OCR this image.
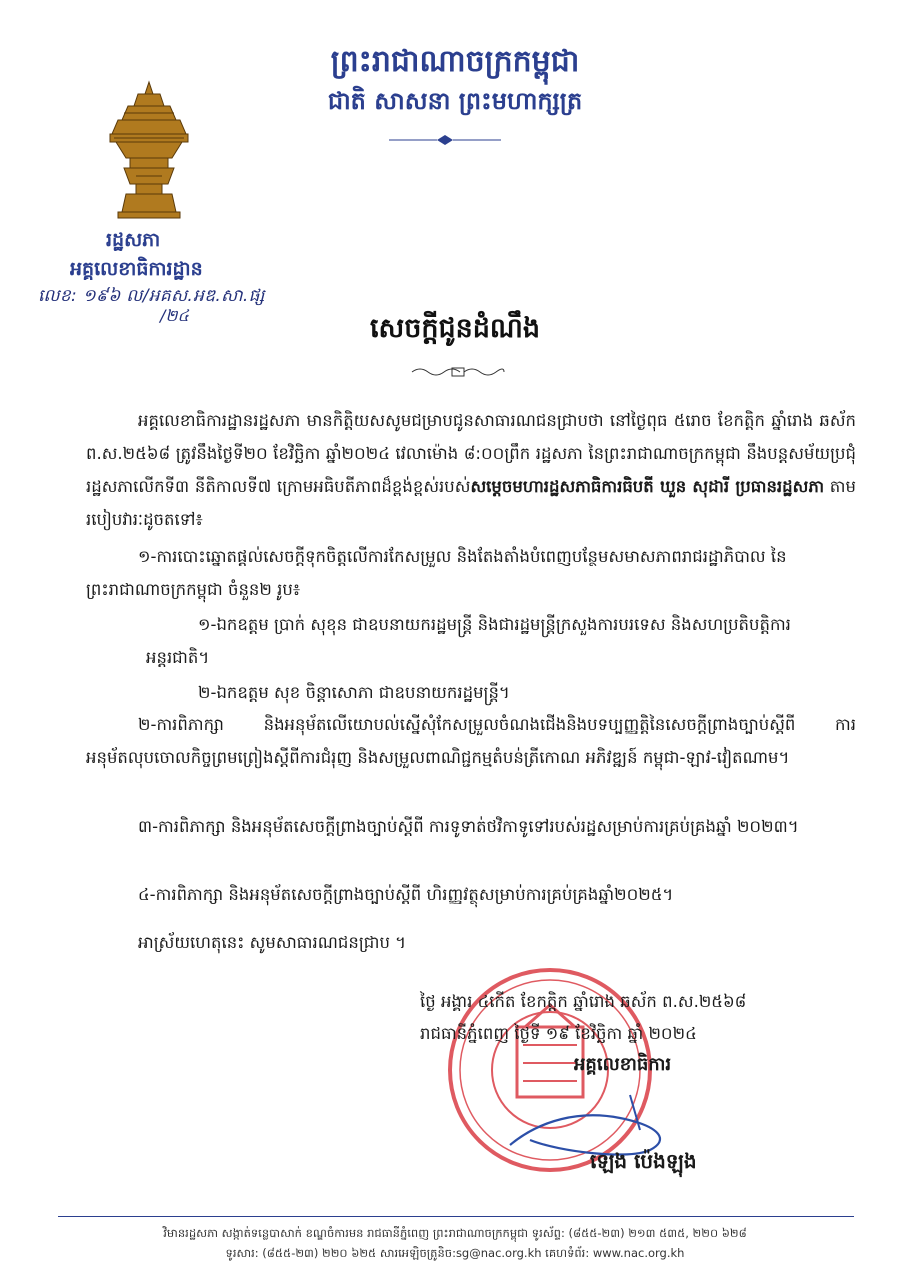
ព្រះរាជាណាចក្រកម្ពុជា
ជាតិ សាសនា ព្រះមហាក្សត្រ
រដ្ឋសភា
អគ្គលេខាធិការដ្ឋាន
លេខ: ១៩៦ ល/អគស.អឌ.សា.ផ្ស
/២៤	សេចក្តីជូនដំណឹង
អគ្គលេខាធិការដ្ឋានរដ្ឋសភា មានកិត្តិយសសូមជម្រាបជូនសាធារណជនជ្រាបថា នៅថ្ងៃពុធ ៥រោច ខែកត្តិក ឆ្នាំរោង ឆស័ក ព.ស.២៥៦៨ ត្រូវនឹងថ្ងៃទី២០ ខែវិច្ឆិកា ឆ្នាំ២០២៤ វេលាម៉ោង ៨:០០ព្រឹក រដ្ឋសភា នៃព្រះរាជាណាចក្រកម្ពុជា នឹងបន្តសម័យប្រជុំរដ្ឋសភាលើកទី៣ នីតិកាលទី៧ ក្រោមអធិបតីភាពដ៏ខ្ពង់ខ្ពស់របស់សម្តេចមហារដ្ឋសភាធិការធិបតី ឃួន សុដារី ប្រធានរដ្ឋសភា តាមរបៀបវារៈដូចតទៅ៖
១-ការបោះឆ្នោតផ្តល់សេចក្តីទុកចិត្តលើការកែសម្រួល និងតែងតាំងបំពេញបន្ថែមសមាសភាពរាជរដ្ឋាភិបាល នៃព្រះរាជាណាចក្រកម្ពុជា ចំនួន២ រូប៖
១-ឯកឧត្តម ប្រាក់ សុខុន ជាឧបនាយករដ្ឋមន្ត្រី និងជារដ្ឋមន្ត្រីក្រសួងការបរទេស និងសហប្រតិបត្តិការ អន្តរជាតិ។
២-ឯកឧត្តម សុខ ចិន្តាសោភា ជាឧបនាយករដ្ឋមន្ត្រី។
២-ការពិភាក្សា និងអនុម័តលើយោបល់ស្នើសុំកែសម្រួលចំណងជើងនិងបទប្បញ្ញត្តិនៃសេចក្តីព្រាងច្បាប់ស្តីពី ការអនុម័តលុបចោលកិច្ចព្រមព្រៀងស្តីពីការជំរុញ និងសម្រួលពាណិជ្ជកម្មតំបន់ត្រីកោណ អភិវឌ្ឍន៍ កម្ពុជា-ឡាវ-វៀតណាម។
៣-ការពិភាក្សា និងអនុម័តសេចក្តីព្រាងច្បាប់ស្តីពី ការទូទាត់ថវិកាទូទៅរបស់រដ្ឋសម្រាប់ការគ្រប់គ្រងឆ្នាំ ២០២៣។
៤-ការពិភាក្សា និងអនុម័តសេចក្តីព្រាងច្បាប់ស្តីពី ហិរញ្ញវត្ថុសម្រាប់ការគ្រប់គ្រងឆ្នាំ២០២៥។
អាស្រ័យហេតុនេះ សូមសាធារណជនជ្រាប ។
ថ្ងៃ អង្គារ ៤កើត ខែកត្តិក ឆ្នាំរោង ឆស័ក ព.ស.២៥៦៨
រាជធានីភ្នំពេញ ថ្ងៃទី ១៩ ខែវិច្ឆិកា ឆ្នាំ ២០២៤
អគ្គលេខាធិការ
ឡេង ប៉េងឡុង
វិមានរដ្ឋសភា សង្កាត់ទន្លេបាសាក់ ខណ្ឌចំការមន រាជធានីភ្នំពេញ ព្រះរាជាណាចក្រកម្ពុជា ទូរស័ព្ទ: (៨៥៥-២៣) ២១៣ ៥៣៥, ២២០ ៦២៨
ទូរសារ: (៨៥៥-២៣) ២២០ ៦២៥ សារអេឡិចត្រូនិច:sg@nac.org.kh គេហទំព័រ: www.nac.org.kh
